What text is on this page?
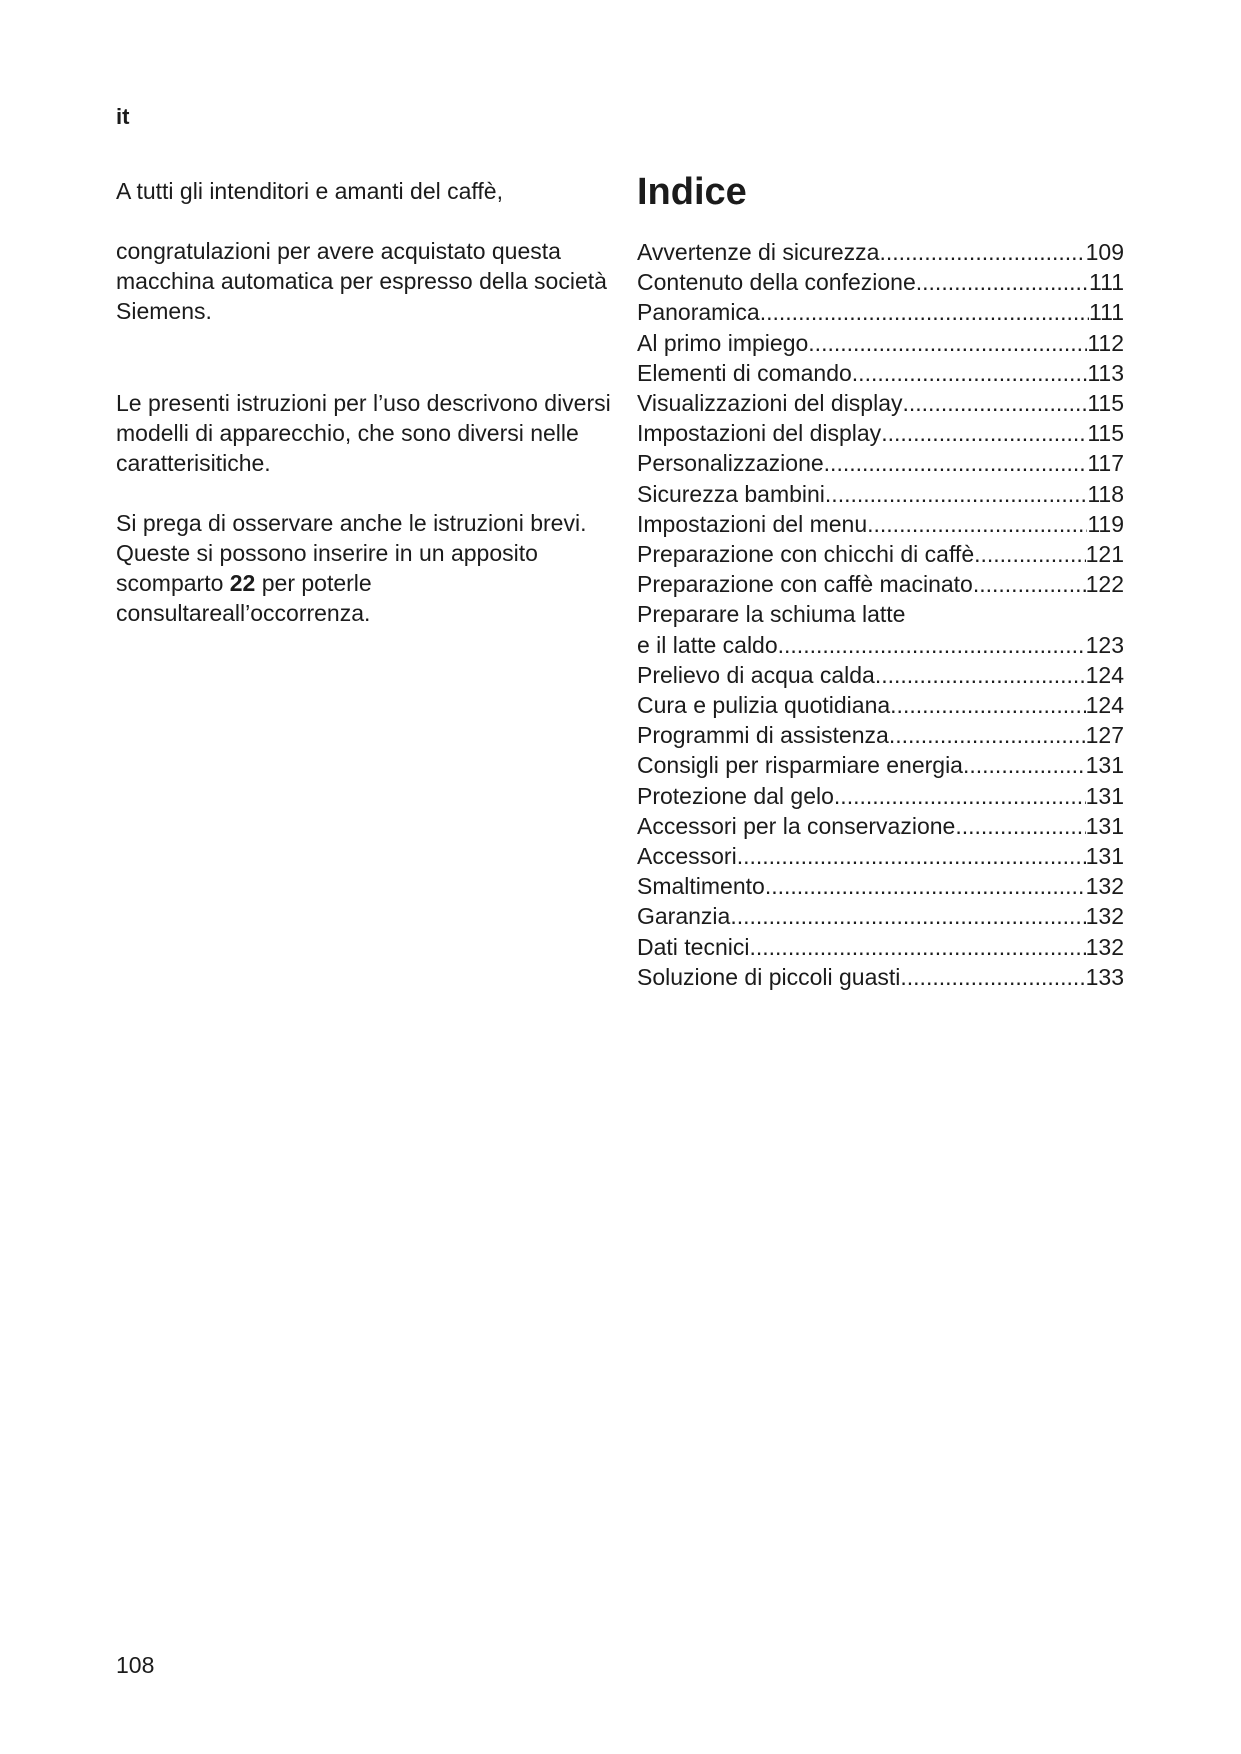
it

A tutti gli intenditori e amanti del caffè,

congratulazioni per avere acquistato questa macchina automatica per espresso della società Siemens.

Le presenti istruzioni per l’uso descrivono diversi modelli di apparecchio, che sono diversi nelle caratterisitiche.

Si prega di osservare anche le istruzioni brevi. Queste si possono inserire in un apposito scomparto 22 per poterle consultareall’occorrenza.

Indice
Avvertenze di sicurezza .....	109
Contenuto della confezione .....	111
Panoramica .....	111
Al primo impiego .....	112
Elementi di comando .....	113
Visualizzazioni del display .....	115
Impostazioni del display .....	115
Personalizzazione .....	117
Sicurezza bambini .....	118
Impostazioni del menu .....	119
Preparazione con chicchi di caffè .....	121
Preparazione con caffè macinato .....	122
Preparare la schiuma latte
e il latte caldo .....	123
Prelievo di acqua calda .....	124
Cura e pulizia quotidiana .....	124
Programmi di assistenza .....	127
Consigli per risparmiare energia .....	131
Protezione dal gelo .....	131
Accessori per la conservazione .....	131
Accessori .....	131
Smaltimento .....	132
Garanzia .....	132
Dati tecnici .....	132
Soluzione di piccoli guasti .....	133
108
